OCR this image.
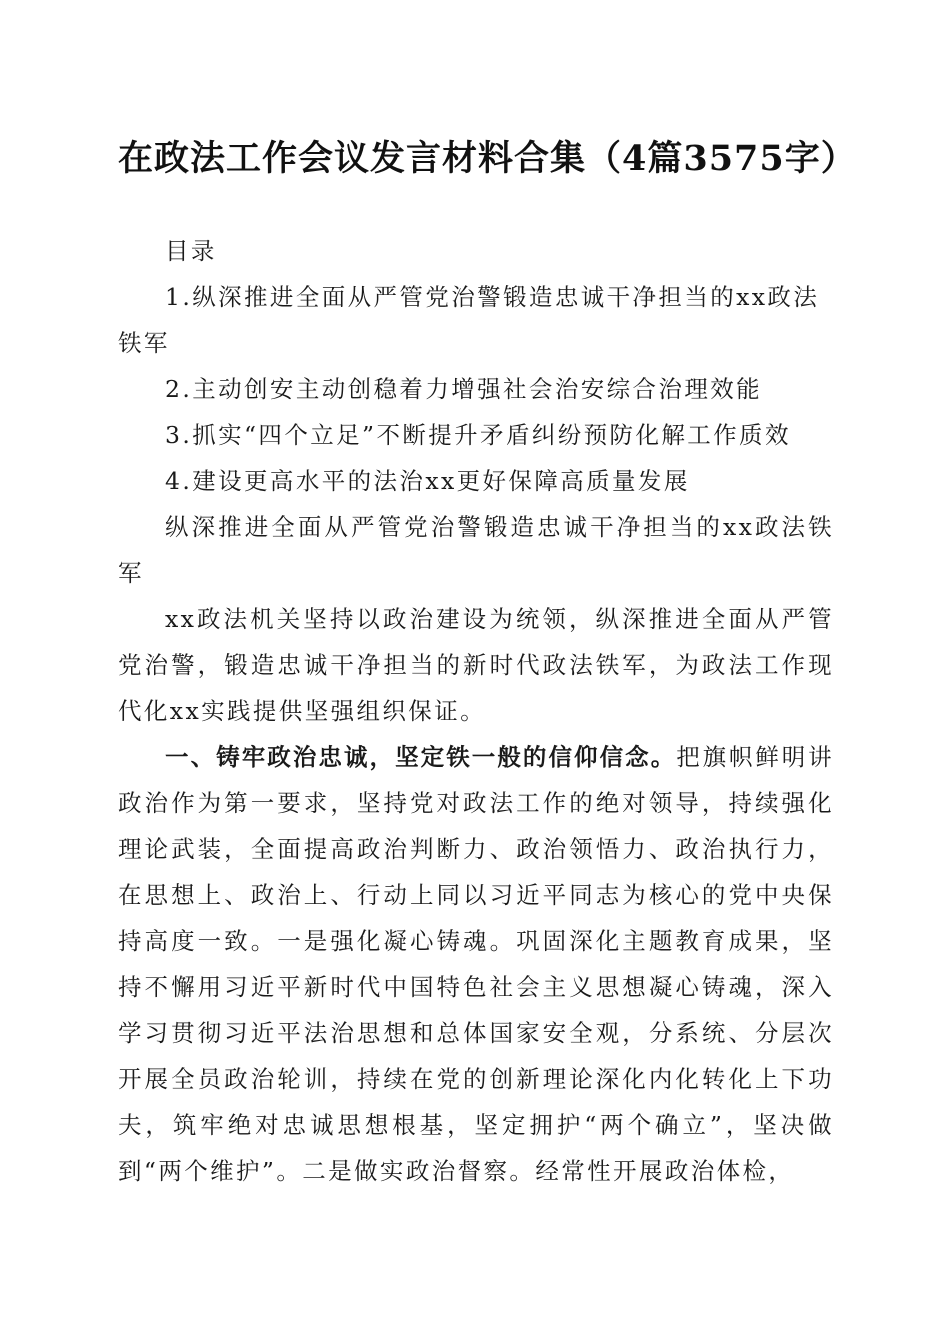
在政法工作会议发言材料合集（4篇3575字）

目录

1.纵深推进全面从严管党治警锻造忠诚干净担当的xx政法铁军

2.主动创安主动创稳着力增强社会治安综合治理效能

3.抓实“四个立足”不断提升矛盾纠纷预防化解工作质效

4.建设更高水平的法治xx更好保障高质量发展

纵深推进全面从严管党治警锻造忠诚干净担当的xx政法铁军

xx政法机关坚持以政治建设为统领，纵深推进全面从严管党治警，锻造忠诚干净担当的新时代政法铁军，为政法工作现代化xx实践提供坚强组织保证。

一、铸牢政治忠诚，坚定铁一般的信仰信念。把旗帜鲜明讲政治作为第一要求，坚持党对政法工作的绝对领导，持续强化理论武装，全面提高政治判断力、政治领悟力、政治执行力，在思想上、政治上、行动上同以习近平同志为核心的党中央保持高度一致。一是强化凝心铸魂。巩固深化主题教育成果，坚持不懈用习近平新时代中国特色社会主义思想凝心铸魂，深入学习贯彻习近平法治思想和总体国家安全观，分系统、分层次开展全员政治轮训，持续在党的创新理论深化内化转化上下功夫，筑牢绝对忠诚思想根基，坚定拥护“两个确立”，坚决做到“两个维护”。二是做实政治督察。经常性开展政治体检，
